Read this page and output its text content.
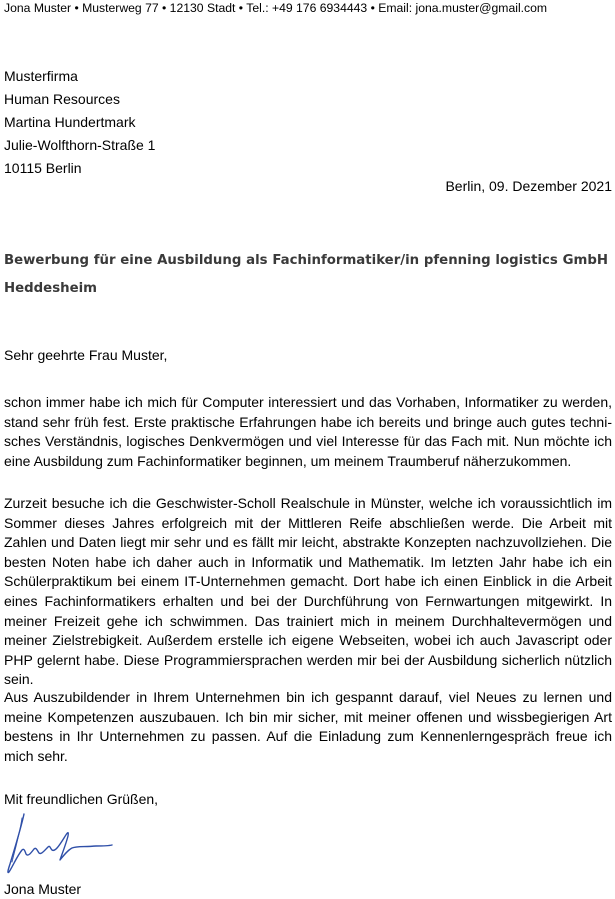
Jona Muster • Musterweg 77 • 12130 Stadt • Tel.: +49 176 6934443 • Email: jona.muster@gmail.com
Musterfirma
Human Resources
Martina Hundertmark
Julie-Wolfthorn-Straße 1
10115 Berlin
Berlin, 09. Dezember 2021
Bewerbung für eine Ausbildung als Fachinformatiker/in pfenning logistics GmbH Heddesheim
Sehr geehrte Frau Muster,

schon immer habe ich mich für Computer interessiert und das Vorhaben, Informatiker zu werden, stand sehr früh fest. Erste praktische Erfahrungen habe ich bereits und bringe auch gutes technisches Verständnis, logisches Denkvermögen und viel Interesse für das Fach mit. Nun möchte ich eine Ausbildung zum Fachinformatiker beginnen, um meinem Traumberuf näherzukommen.

Zurzeit besuche ich die Geschwister-Scholl Realschule in Münster, welche ich voraussichtlich im Sommer dieses Jahres erfolgreich mit der Mittleren Reife abschließen werde. Die Arbeit mit Zahlen und Daten liegt mir sehr und es fällt mir leicht, abstrakte Konzepten nachzuvollziehen. Die besten Noten habe ich daher auch in Informatik und Mathematik. Im letzten Jahr habe ich ein Schülerpraktikum bei einem IT-Unternehmen gemacht. Dort habe ich einen Einblick in die Arbeit eines Fachinformatikers erhalten und bei der Durchführung von Fernwartungen mitgewirkt. In meiner Freizeit gehe ich schwimmen. Das trainiert mich in meinem Durchhaltevermögen und meiner Zielstrebigkeit. Außerdem erstelle ich eigene Webseiten, wobei ich auch Javascript oder PHP gelernt habe. Diese Programmiersprachen werden mir bei der Ausbildung sicherlich nützlich sein.

Aus Auszubildender in Ihrem Unternehmen bin ich gespannt darauf, viel Neues zu lernen und meine Kompetenzen auszubauen. Ich bin mir sicher, mit meiner offenen und wissbegierigen Art bestens in Ihr Unternehmen zu passen. Auf die Einladung zum Kennenlerngespräch freue ich mich sehr.

Mit freundlichen Grüßen,
Jona Muster
